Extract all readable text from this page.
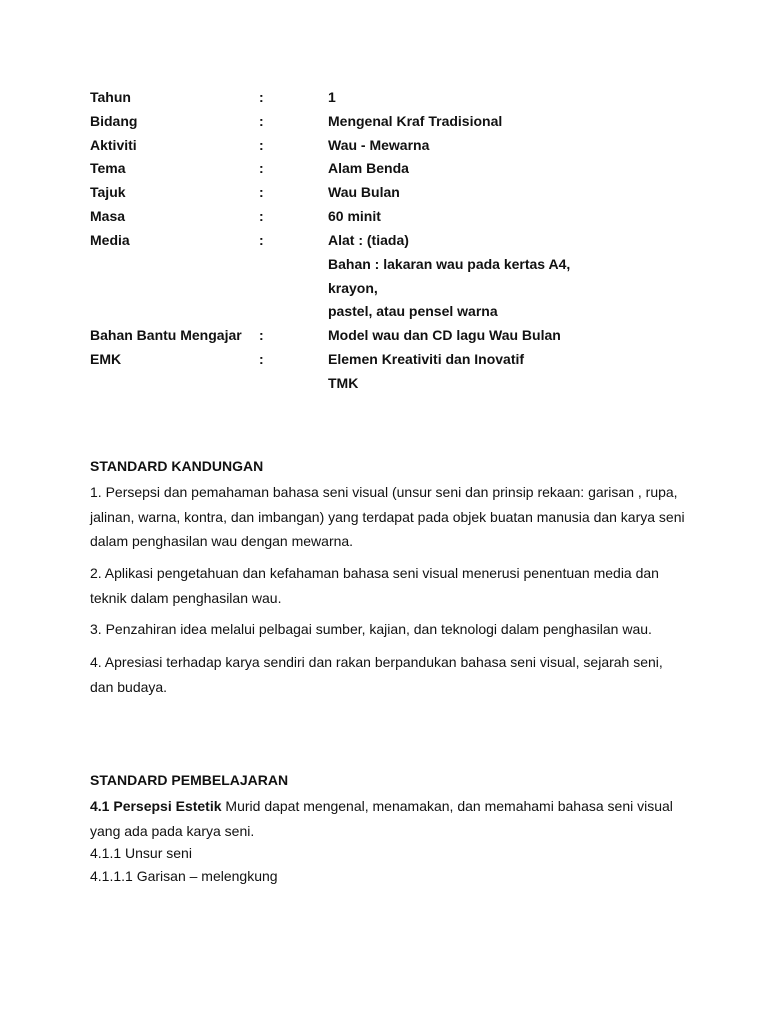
Tahun	:	1
Bidang	:	Mengenal Kraf Tradisional
Aktiviti	:	Wau - Mewarna
Tema	:	Alam Benda
Tajuk	:	Wau Bulan
Masa	:	60 minit
Media	:	Alat : (tiada)
Bahan : lakaran wau pada kertas A4,
krayon,
pastel, atau pensel warna
Bahan Bantu Mengajar :	Model wau dan CD lagu Wau Bulan
EMK	:	Elemen Kreativiti dan Inovatif
TMK
STANDARD KANDUNGAN
1. Persepsi dan pemahaman bahasa seni visual (unsur seni dan prinsip rekaan: garisan , rupa, jalinan, warna, kontra, dan imbangan) yang terdapat pada objek buatan manusia dan karya seni dalam penghasilan wau dengan mewarna.
2. Aplikasi pengetahuan dan kefahaman bahasa seni visual menerusi penentuan media dan teknik dalam penghasilan wau.
3. Penzahiran idea melalui pelbagai sumber, kajian, dan teknologi dalam penghasilan wau.
4. Apresiasi terhadap karya sendiri dan rakan berpandukan bahasa seni visual, sejarah seni, dan budaya.
STANDARD PEMBELAJARAN
4.1 Persepsi Estetik Murid dapat mengenal, menamakan, dan memahami bahasa seni visual yang ada pada karya seni.
4.1.1 Unsur seni
4.1.1.1 Garisan – melengkung
